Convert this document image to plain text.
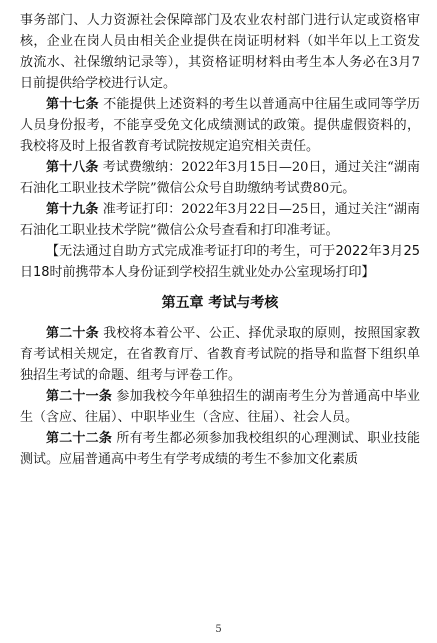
事务部门、人力资源社会保障部门及农业农村部门进行认定或资格审核，企业在岗人员由相关企业提供在岗证明材料（如半年以上工资发放流水、社保缴纳记录等），其资格证明材料由考生本人务必在3月7日前提供给学校进行认定。

第十七条 不能提供上述资料的考生以普通高中往届生或同等学历人员身份报考，不能享受免文化成绩测试的政策。提供虚假资料的，我校将及时上报省教育考试院按规定追究相关责任。

第十八条 考试费缴纳：2022年3月15日—20日，通过关注“湖南石油化工职业技术学院”微信公众号自助缴纳考试费80元。

第十九条 准考证打印：2022年3月22日—25日，通过关注“湖南石油化工职业技术学院”微信公众号查看和打印准考证。

【无法通过自助方式完成准考证打印的考生，可于2022年3月25日18时前携带本人身份证到学校招生就业处办公室现场打印】

第五章 考试与考核

第二十条 我校将本着公平、公正、择优录取的原则，按照国家教育考试相关规定，在省教育厅、省教育考试院的指导和监督下组织单独招生考试的命题、组考与评卷工作。

第二十一条 参加我校今年单独招生的湖南考生分为普通高中毕业生（含应、往届）、中职毕业生（含应、往届）、社会人员。

第二十二条 所有考生都必须参加我校组织的心理测试、职业技能测试。应届普通高中考生有学考成绩的考生不参加文化素质

5
